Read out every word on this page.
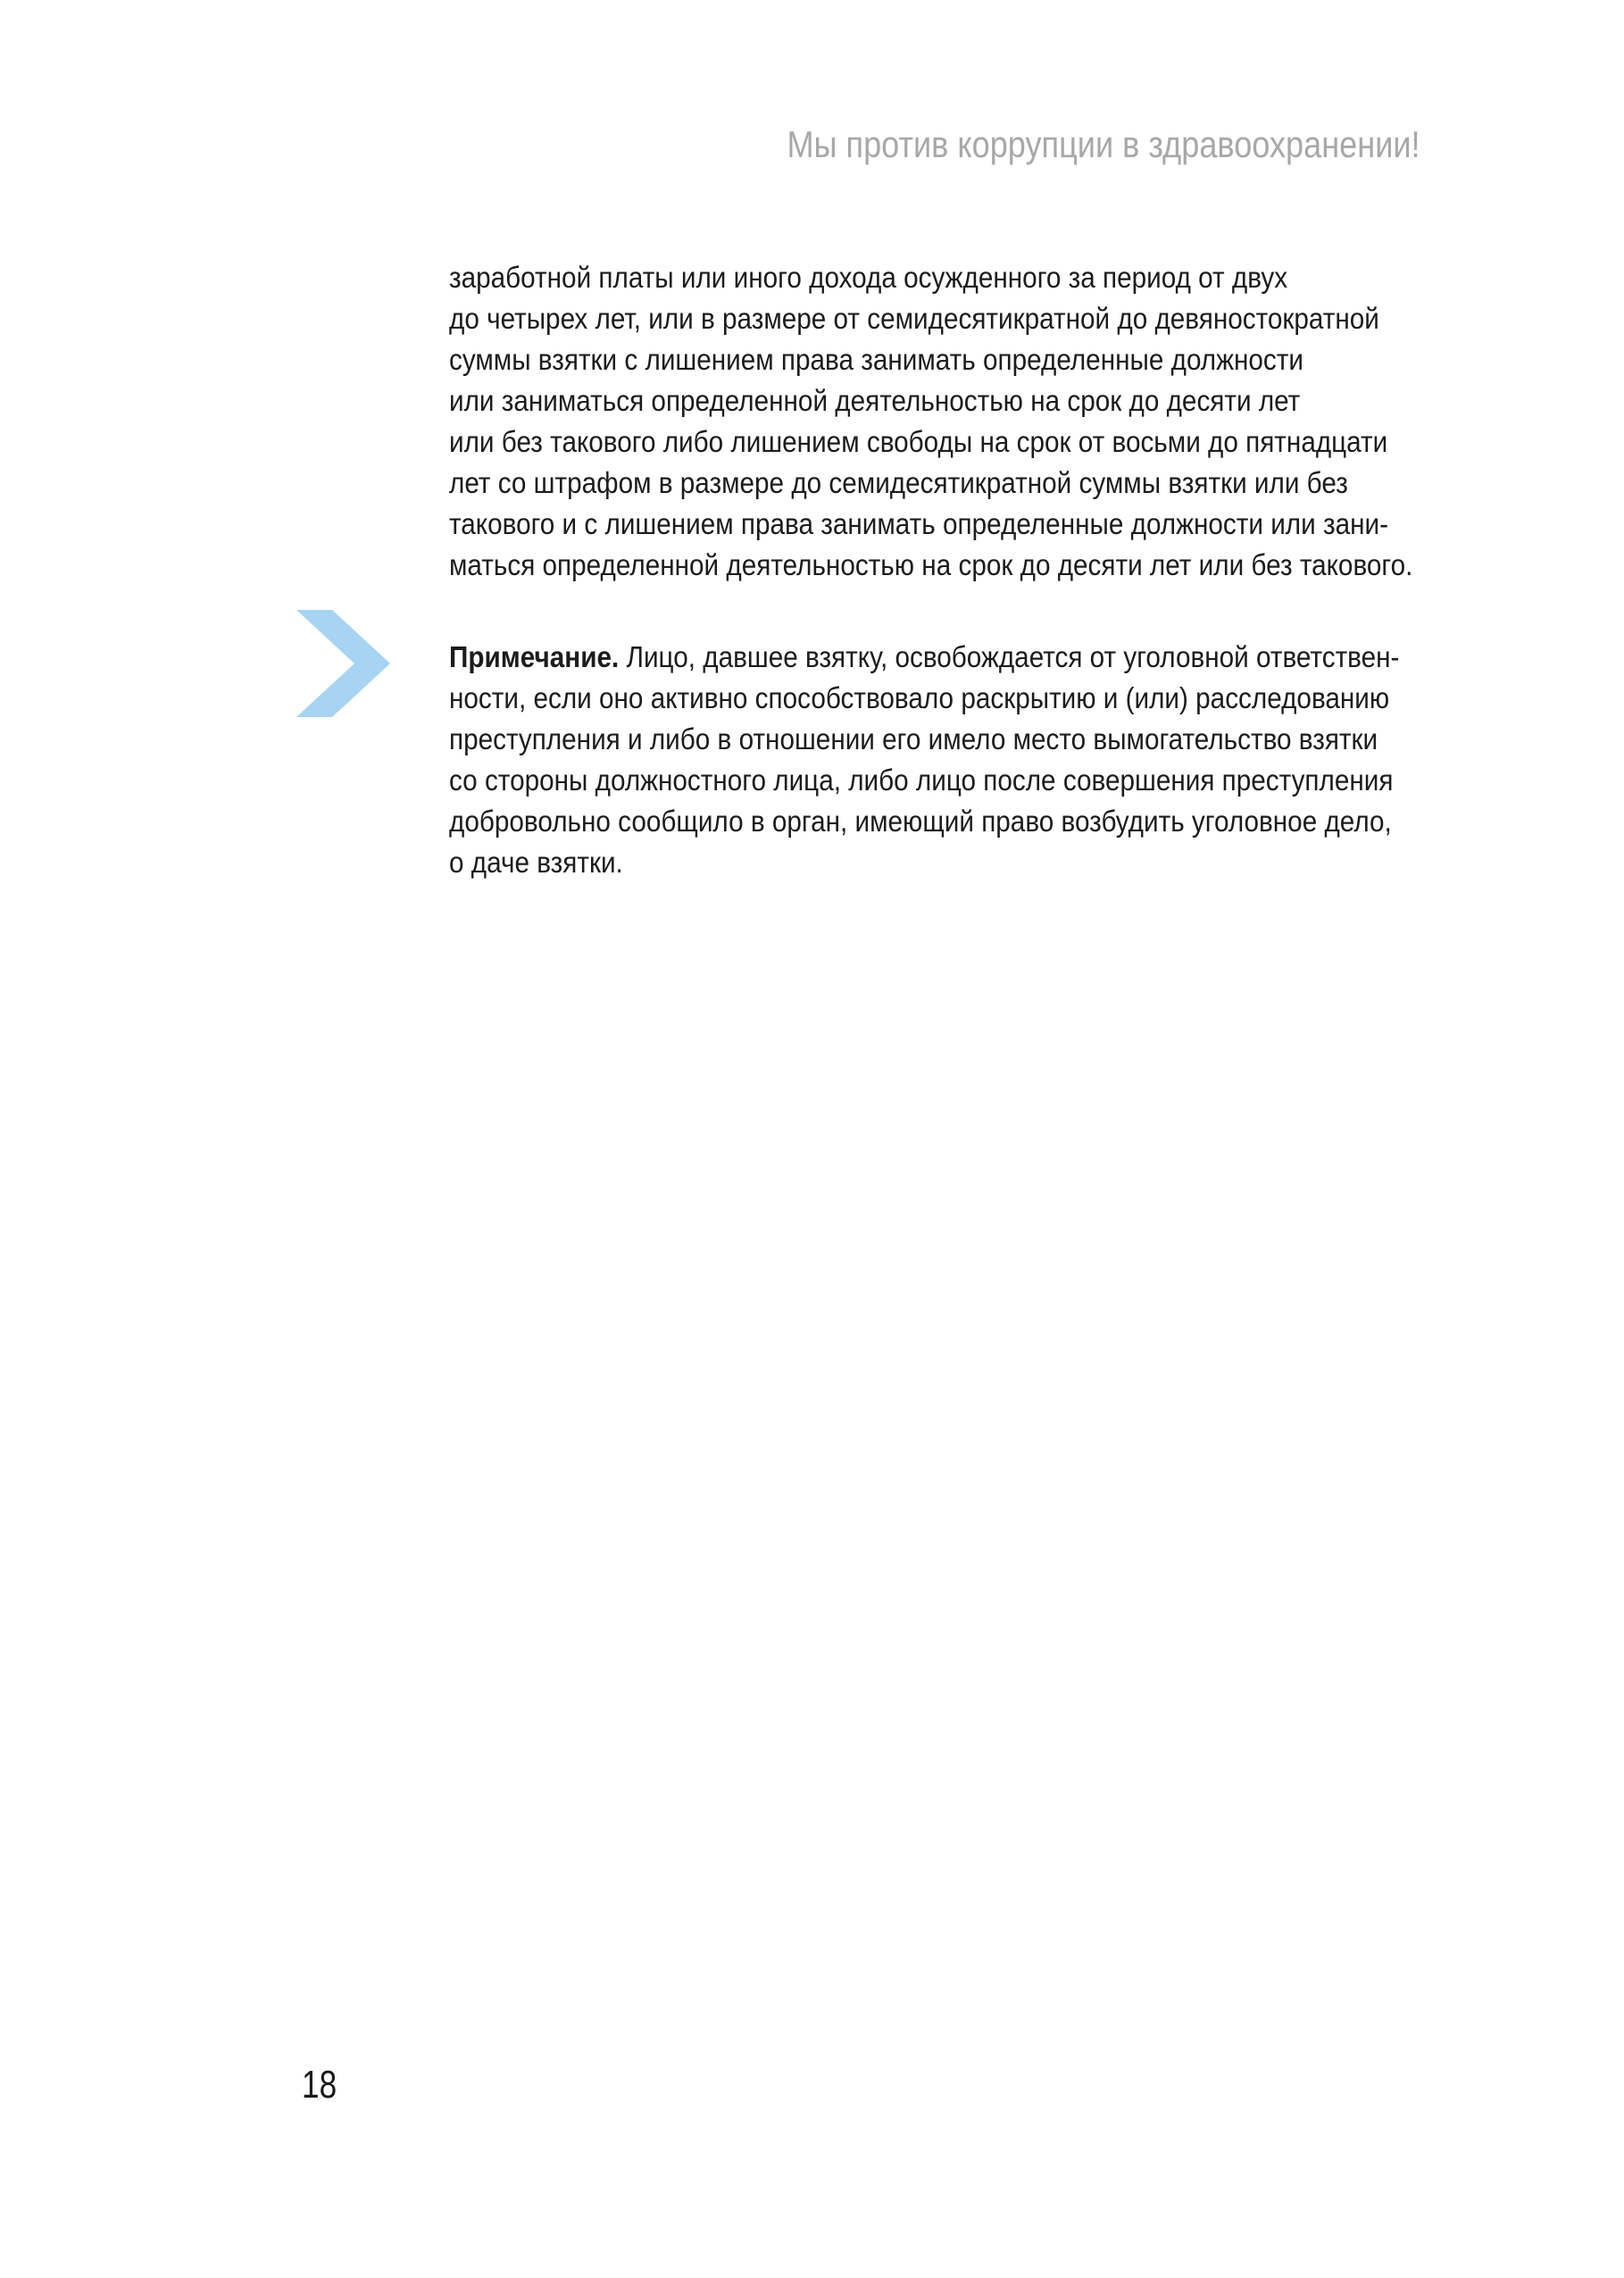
Мы против коррупции в здравоохранении!
заработной платы или иного дохода осужденного за период от двух
до четырех лет, или в размере от семидесятикратной до девяностократной
суммы взятки с лишением права занимать определенные должности
или заниматься определенной деятельностью на срок до десяти лет
или без такового либо лишением свободы на срок от восьми до пятнадцати
лет со штрафом в размере до семидесятикратной суммы взятки или без
такового и с лишением права занимать определенные должности или зани-
маться определенной деятельностью на срок до десяти лет или без такового.
Примечание. Лицо, давшее взятку, освобождается от уголовной ответствен-
ности, если оно активно способствовало раскрытию и (или) расследованию
преступления и либо в отношении его имело место вымогательство взятки
со стороны должностного лица, либо лицо после совершения преступления
добровольно сообщило в орган, имеющий право возбудить уголовное дело,
о даче взятки.
18
